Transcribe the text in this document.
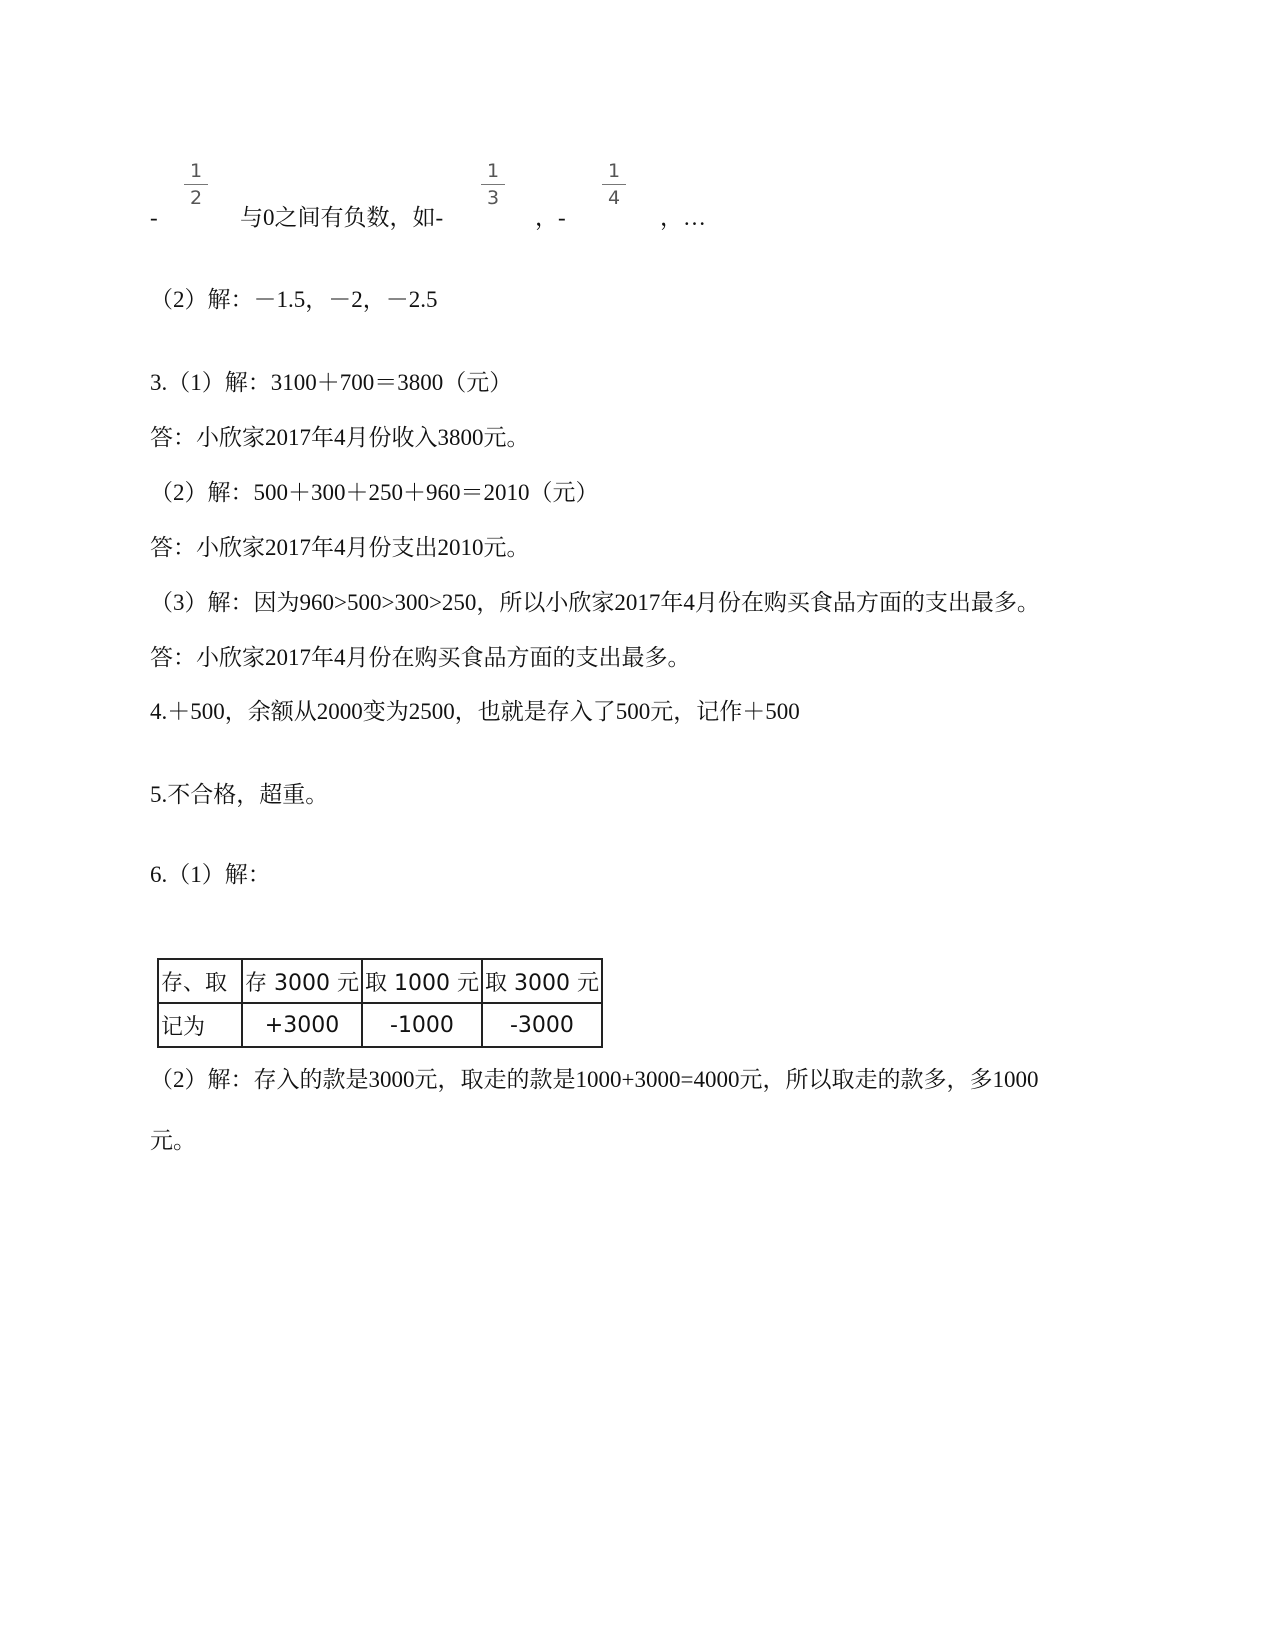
-
1
2
与0之间有负数，如-
1
3
，-
1
4
，…
（2）解：－1.5，－2，－2.5
3.（1）解：3100＋700＝3800（元）
答：小欣家2017年4月份收入3800元。
（2）解：500＋300＋250＋960＝2010（元）
答：小欣家2017年4月份支出2010元。
（3）解：因为960>500>300>250，所以小欣家2017年4月份在购买食品方面的支出最多。
答：小欣家2017年4月份在购买食品方面的支出最多。
4.＋500，余额从2000变为2500，也就是存入了500元，记作＋500
5.不合格，超重。
6.（1）解：
存、取	存 3000 元	取 1000 元	取 3000 元
记为	+3000	-1000	-3000
（2）解：存入的款是3000元，取走的款是1000+3000=4000元，所以取走的款多，多1000
元。
